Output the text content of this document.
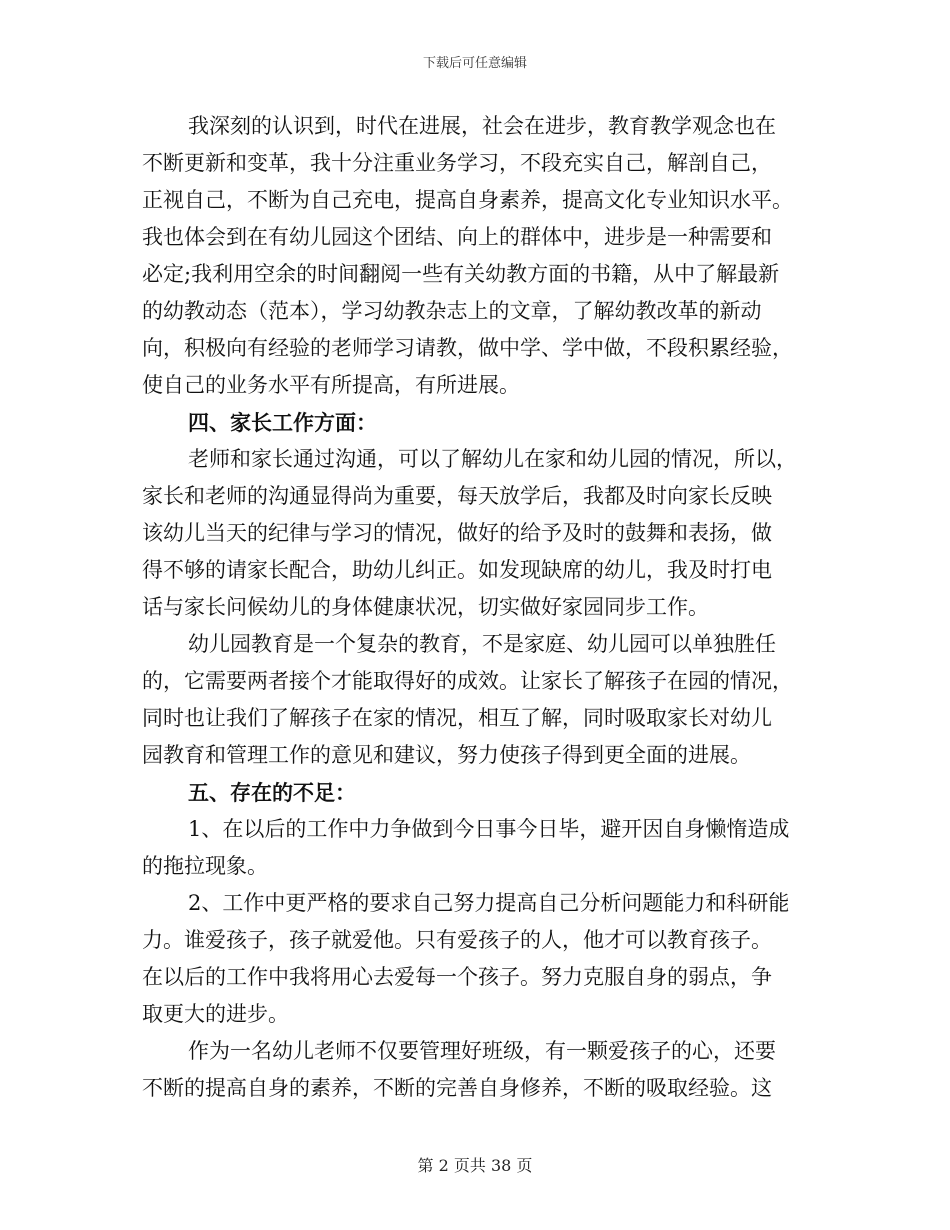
下载后可任意编辑
我深刻的认识到，时代在进展，社会在进步，教育教学观念也在
不断更新和变革，我十分注重业务学习，不段充实自己，解剖自己，
正视自己，不断为自己充电，提高自身素养，提高文化专业知识水平。
我也体会到在有幼儿园这个团结、向上的群体中，进步是一种需要和
必定;我利用空余的时间翻阅一些有关幼教方面的书籍，从中了解最新
的幼教动态（范本），学习幼教杂志上的文章，了解幼教改革的新动
向，积极向有经验的老师学习请教，做中学、学中做，不段积累经验，
使自己的业务水平有所提高，有所进展。
四、家长工作方面：
老师和家长通过沟通，可以了解幼儿在家和幼儿园的情况，所以，
家长和老师的沟通显得尚为重要，每天放学后，我都及时向家长反映
该幼儿当天的纪律与学习的情况，做好的给予及时的鼓舞和表扬，做
得不够的请家长配合，助幼儿纠正。如发现缺席的幼儿，我及时打电
话与家长问候幼儿的身体健康状况，切实做好家园同步工作。
幼儿园教育是一个复杂的教育，不是家庭、幼儿园可以单独胜任
的，它需要两者接个才能取得好的成效。让家长了解孩子在园的情况，
同时也让我们了解孩子在家的情况，相互了解，同时吸取家长对幼儿
园教育和管理工作的意见和建议，努力使孩子得到更全面的进展。
五、存在的不足：
1、在以后的工作中力争做到今日事今日毕，避开因自身懒惰造成
的拖拉现象。
2、工作中更严格的要求自己努力提高自己分析问题能力和科研能
力。谁爱孩子，孩子就爱他。只有爱孩子的人，他才可以教育孩子。
在以后的工作中我将用心去爱每一个孩子。努力克服自身的弱点，争
取更大的进步。
作为一名幼儿老师不仅要管理好班级，有一颗爱孩子的心，还要
不断的提高自身的素养，不断的完善自身修养，不断的吸取经验。这
第 2 页共 38 页
